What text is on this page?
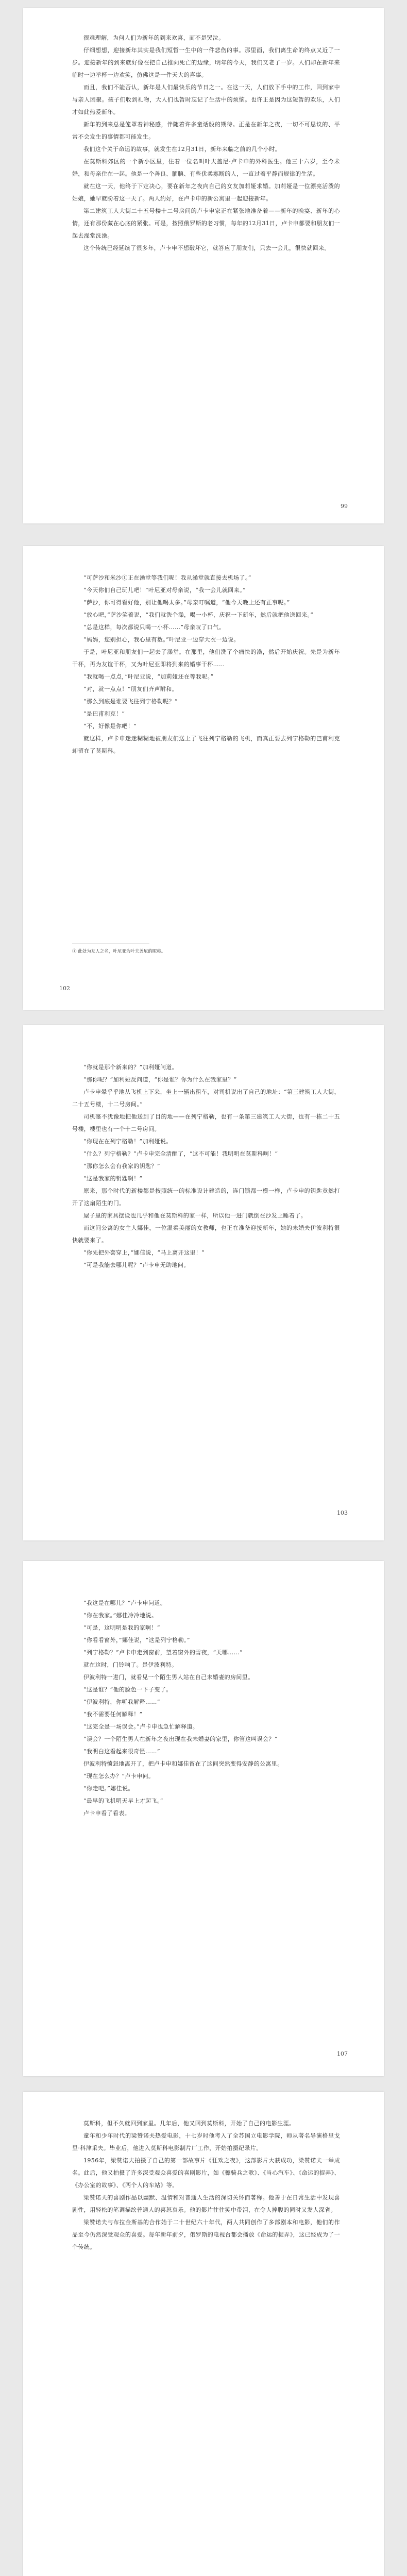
很难理解，为何人们为新年的到来欢喜，而不是哭泣。

仔细想想，迎接新年其实是我们短暂一生中的一件悲伤的事。那里面，我们离生命的终点又近了一步。迎接新年的到来就好像在把自己推向死亡的边缘，明年的今天，我们又老了一岁。人们却在新年来临时一边举杯一边欢笑，仿佛这是一件天大的喜事。

而且，我们不能否认，新年是人们最快乐的节日之一。在这一天，人们放下手中的工作，回到家中与亲人团聚。孩子们收到礼物，大人们也暂时忘记了生活中的烦恼。也许正是因为这短暂的欢乐，人们才如此热爱新年。

新年的到来总是笼罩着神秘感，伴随着许多童话般的期待。正是在新年之夜，一切不可思议的、平常不会发生的事情都可能发生。

我们这个关于命运的故事，就发生在12月31日，新年来临之前的几个小时。

在莫斯科郊区的一个新小区里，住着一位名叫叶夫盖尼·卢卡申的外科医生。他三十六岁，至今未婚，和母亲住在一起。他是一个善良、腼腆、有些优柔寡断的人，一直过着平静而规律的生活。

就在这一天，他终于下定决心，要在新年之夜向自己的女友加莉娅求婚。加莉娅是一位漂亮活泼的姑娘，她早就盼着这一天了。两人约好，在卢卡申的新公寓里一起迎接新年。

第二建筑工人大街二十五号楼十二号房间的卢卡申家正在紧张地准备着——新年的晚宴、新年的心情，还有那份藏在心底的紧张。可是，按照俄罗斯的老习惯，每年的12月31日，卢卡申都要和朋友们一起去澡堂洗澡。

这个传统已经延续了很多年，卢卡申不想破坏它，就答应了朋友们，只去一会儿，很快就回来。

99

“可萨沙和米沙①正在澡堂等我们呢！我从澡堂就直接去机场了。”

“今天你们自己玩儿吧！”叶尼亚对母亲说，“我一会儿就回来。”

“萨沙，你可得看好他，别让他喝太多。”母亲叮嘱道，“他今天晚上还有正事呢。”

“放心吧，”萨沙笑着说，“我们就洗个澡，喝一小杯，庆祝一下新年，然后就把他送回来。”

“总是这样，每次都说只喝一小杯……”母亲叹了口气。

“妈妈，您别担心，我心里有数。”叶尼亚一边穿大衣一边说。

于是，叶尼亚和朋友们一起去了澡堂。在那里，他们洗了个痛快的澡，然后开始庆祝。先是为新年干杯，再为友谊干杯，又为叶尼亚即将到来的婚事干杯……

“我就喝一点点，”叶尼亚说，“加莉娅还在等我呢。”

“对，就一点点！”朋友们齐声附和。

“那么到底是谁要飞往列宁格勒呢？”

“是巴甫利克！”

“不，好像是你吧！”

就这样，卢卡申迷迷糊糊地被朋友们送上了飞往列宁格勒的飞机，而真正要去列宁格勒的巴甫利克却留在了莫斯科。

① 此处为友人之名，叶尼亚为叶夫盖尼的昵称。
102

“你就是那个新来的？”加利娅问道。

“那你呢？”加利娅反问道，“你是谁？你为什么在我家里？”

卢卡申晕乎乎地从飞机上下来，坐上一辆出租车，对司机说出了自己的地址：“第三建筑工人大街，二十五号楼，十二号房间。”

司机毫不犹豫地把他送到了目的地——在列宁格勒，也有一条第三建筑工人大街，也有一栋二十五号楼，楼里也有一个十二号房间。

“你现在在列宁格勒！”加利娅说。

“什么？列宁格勒？”卢卡申完全清醒了，“这不可能！我明明在莫斯科啊！”

“那你怎么会有我家的钥匙？”

“这是我家的钥匙啊！”

原来，那个时代的新楼都是按照统一的标准设计建造的，连门锁都一模一样，卢卡申的钥匙竟然打开了这扇陌生的门。

屋子里的家具摆设也几乎和他在莫斯科的家一样，所以他一进门就倒在沙发上睡着了。

而这间公寓的女主人娜佳，一位温柔美丽的女教师，也正在准备迎接新年，她的未婚夫伊波利特很快就要来了。

“你先把外套穿上，”娜佳说，“马上离开这里！”

“可是我能去哪儿呢？”卢卡申无助地问。

103

“我这是在哪儿？”卢卡申问道。

“你在我家。”娜佳冷冷地说。

“可是，这明明是我的家啊！”

“你看看窗外，”娜佳说，“这是列宁格勒。”

“列宁格勒？”卢卡申走到窗前，望着窗外的雪夜，“天哪……”

就在这时，门铃响了。是伊波利特。

伊波利特一进门，就看见一个陌生男人站在自己未婚妻的房间里。

“这是谁？”他的脸色一下子变了。

“伊波利特，你听我解释……”

“我不需要任何解释！”

“这完全是一场误会。”卢卡申也急忙解释道。

“误会？一个陌生男人在新年之夜出现在我未婚妻的家里，你管这叫误会？”

“我明白这看起来很奇怪……”

伊波利特愤怒地离开了，把卢卡申和娜佳留在了这间突然变得安静的公寓里。

“现在怎么办？”卢卡申问。

“你走吧。”娜佳说。

“最早的飞机明天早上才起飞。”

卢卡申看了看表。

107

莫斯科，但不久就回到家里。几年后，他又回到莫斯科，开始了自己的电影生涯。

童年和少年时代的梁赞诺夫热爱电影，十七岁时他考入了全苏国立电影学院，师从著名导演格里戈里·科津采夫。毕业后，他进入莫斯科电影制片厂工作，开始拍摄纪录片。

1956年，梁赞诺夫拍摄了自己的第一部故事片《狂欢之夜》，这部影片大获成功，梁赞诺夫一举成名。此后，他又拍摄了许多深受观众喜爱的喜剧影片，如《骠骑兵之歌》、《当心汽车》、《命运的捉弄》、《办公室的故事》、《两个人的车站》等。

梁赞诺夫的喜剧作品以幽默、温情和对普通人生活的深切关怀而著称。他善于在日常生活中发现喜剧性，用轻松的笔调描绘普通人的喜怒哀乐。他的影片往往笑中带泪，在令人捧腹的同时又发人深省。

梁赞诺夫与布拉金斯基的合作始于二十世纪六十年代，两人共同创作了多部剧本和电影，他们的作品至今仍然深受观众的喜爱。每年新年前夕，俄罗斯的电视台都会播放《命运的捉弄》，这已经成为了一个传统。
